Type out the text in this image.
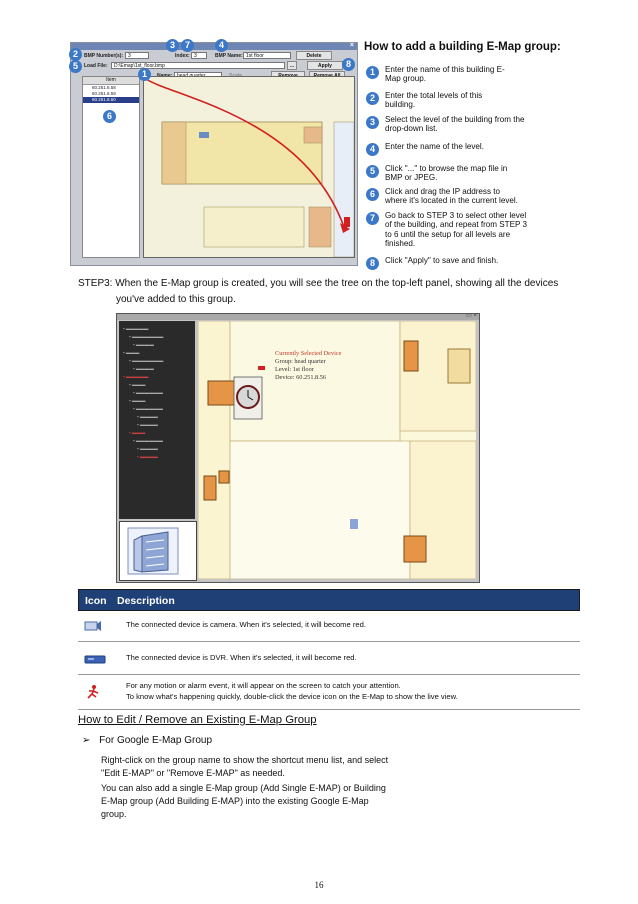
×
BMP Number(s): 3	Index: 3	BMP Name: 1st floor	Delete
Load File:	D:\Emap\1st_floor.bmp	...	Apply
Item
60.251.8.58
60.251.8.59
60.251.8.60
2
5
3	7	4
8
1
6
How to add a building E-Map group:
1	Enter the name of this building E-Map group.
2	Enter the total levels of this building.
3	Select the level of the building from the drop-down list.
4	Enter the name of the level.
5	Click "..." to browse the map file in BMP or JPEG.
6	Click and drag the IP address to where it's located in the current level.
7	Go back to STEP 3 to select other level of the building, and repeat from STEP 3 to 6 until the setup for all levels are finished.
8	Click "Apply" to save and finish.
STEP3: When the E-Map group is created, you will see the tree on the top-left panel, showing all the devices
you've added to this group.
▭ ×
▪ ▬▬▬▬▬
▪ ▬▬▬▬▬▬▬
▪ ▬▬▬▬
▪ ▬▬▬
▪ ▬▬▬▬▬▬▬
▪ ▬▬▬▬
▪ ▬▬▬▬▬
▪ ▬▬▬
▪ ▬▬▬▬▬▬
▪ ▬▬▬
▪ ▬▬▬▬▬▬
▪ ▬▬▬▬
▪ ▬▬▬▬
▪ ▬▬▬
▪ ▬▬▬▬▬▬
▪ ▬▬▬▬
▪ ▬▬▬▬
Currently Selected Device
Group: head quarter
Level: 1st floor
Device: 60.251.8.56
Icon Description
The connected device is camera. When it's selected, it will become red.
The connected device is DVR. When it's selected, it will become red.
For any motion or alarm event, it will appear on the screen to catch your attention.
To know what's happening quickly, double-click the device icon on the E-Map to show the live view.
How to Edit / Remove an Existing E-Map Group
➢ For Google E-Map Group
Right-click on the group name to show the shortcut menu list, and select
"Edit E-MAP" or "Remove E-MAP" as needed.
You can also add a single E-Map group (Add Single E-MAP) or Building
E-Map group (Add Building E-MAP) into the existing Google E-Map
group.
16
